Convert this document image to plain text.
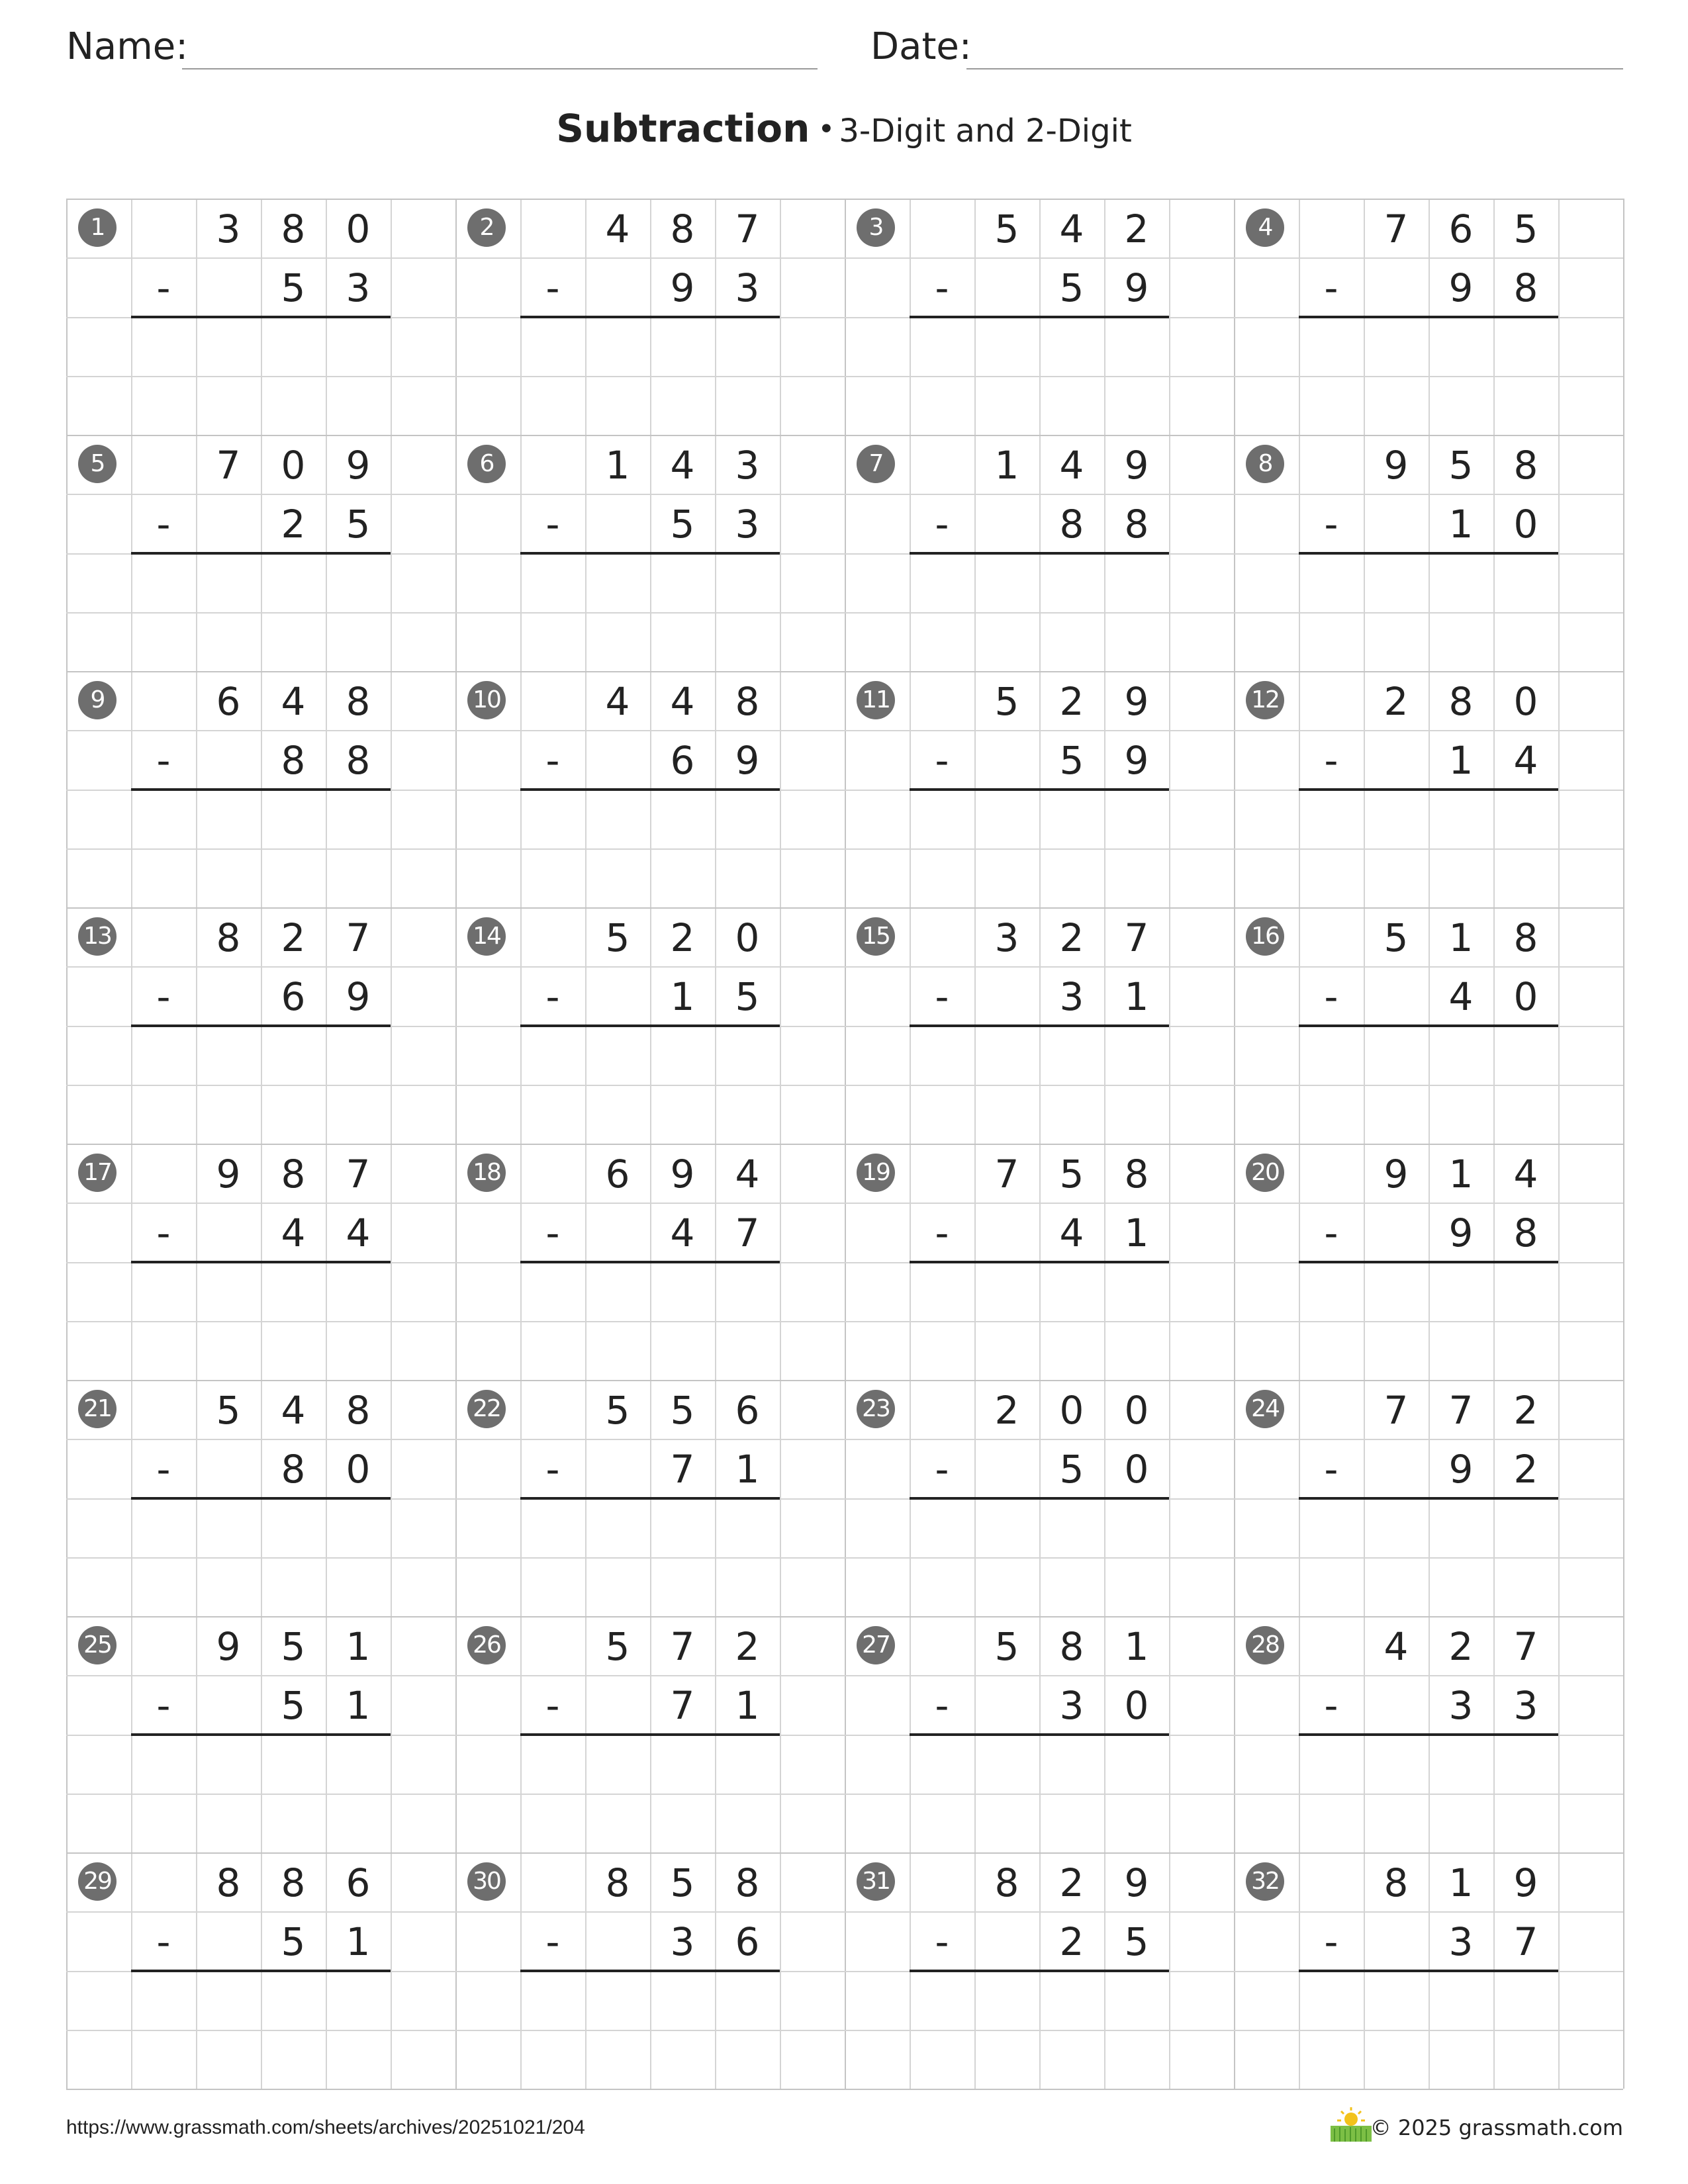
Name:	Date:
Subtraction • 3-Digit and 2-Digit
1	3	8	0
-	5	3
2	4	8	7
-	9	3
3	5	4	2
-	5	9
4	7	6	5
-	9	8
5	7	0	9
-	2	5
6	1	4	3
-	5	3
7	1	4	9
-	8	8
8	9	5	8
-	1	0
9	6	4	8
-	8	8
10	4	4	8
-	6	9
11	5	2	9
-	5	9
12	2	8	0
-	1	4
13	8	2	7
-	6	9
14	5	2	0
-	1	5
15	3	2	7
-	3	1
16	5	1	8
-	4	0
17	9	8	7
-	4	4
18	6	9	4
-	4	7
19	7	5	8
-	4	1
20	9	1	4
-	9	8
21	5	4	8
-	8	0
22	5	5	6
-	7	1
23	2	0	0
-	5	0
24	7	7	2
-	9	2
25	9	5	1
-	5	1
26	5	7	2
-	7	1
27	5	8	1
-	3	0
28	4	2	7
-	3	3
29	8	8	6
-	5	1
30	8	5	8
-	3	6
31	8	2	9
-	2	5
32	8	1	9
-	3	7
https://www.grassmath.com/sheets/archives/20251021/204	© 2025 grassmath.com
